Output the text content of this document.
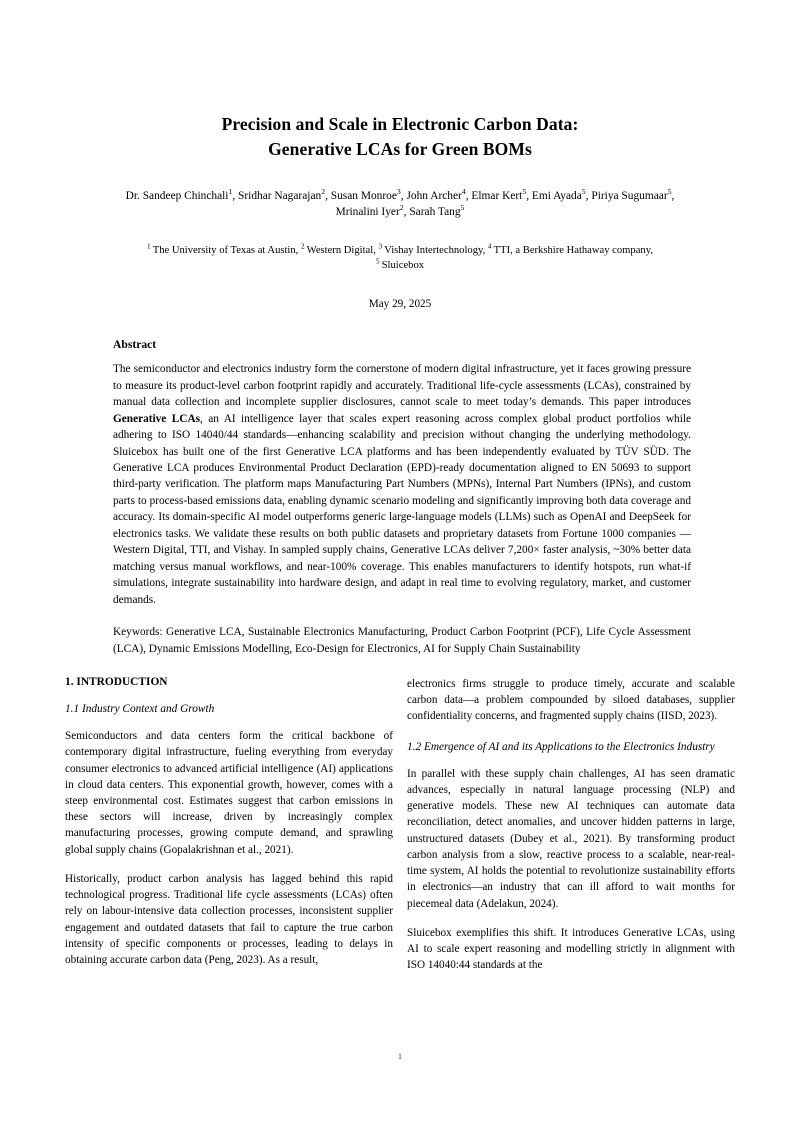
Precision and Scale in Electronic Carbon Data:
Generative LCAs for Green BOMs
Dr. Sandeep Chinchali$^1$, Sridhar Nagarajan$^2$, Susan Monroe$^3$, John Archer$^4$, Elmar Kert$^5$, Emi Ayada$^5$, Piriya Sugumaar$^5$,
Mrinalini Iyer$^2$, Sarah Tang$^5$
$^1$ The University of Texas at Austin, $^2$ Western Digital, $^3$ Vishay Intertechnology, $^4$ TTI, a Berkshire Hathaway company,
$^5$ Sluicebox
May 29, 2025
Abstract

The semiconductor and electronics industry form the cornerstone of modern digital infrastructure, yet it faces growing pressure to measure its product-level carbon footprint rapidly and accurately. Traditional life-cycle assessments (LCAs), constrained by manual data collection and incomplete supplier disclosures, cannot scale to meet today’s demands. This paper introduces Generative LCAs, an AI intelligence layer that scales expert reasoning across complex global product portfolios while adhering to ISO 14040/44 standards—enhancing scalability and precision without changing the underlying methodology. Sluicebox has built one of the first Generative LCA platforms and has been independently evaluated by TÜV SÜD. The Generative LCA produces Environmental Product Declaration (EPD)-ready documentation aligned to EN 50693 to support third-party verification. The platform maps Manufacturing Part Numbers (MPNs), Internal Part Numbers (IPNs), and custom parts to process-based emissions data, enabling dynamic scenario modeling and significantly improving both data coverage and accuracy. Its domain-specific AI model outperforms generic large-language models (LLMs) such as OpenAI and DeepSeek for electronics tasks. We validate these results on both public datasets and proprietary datasets from Fortune 1000 companies — Western Digital, TTI, and Vishay. In sampled supply chains, Generative LCAs deliver 7,200× faster analysis, ~30% better data matching versus manual workflows, and near-100% coverage. This enables manufacturers to identify hotspots, run what-if simulations, integrate sustainability into hardware design, and adapt in real time to evolving regulatory, market, and customer demands.

Keywords: Generative LCA, Sustainable Electronics Manufacturing, Product Carbon Footprint (PCF), Life Cycle Assessment (LCA), Dynamic Emissions Modelling, Eco-Design for Electronics, AI for Supply Chain Sustainability

1. INTRODUCTION
1.1 Industry Context and Growth

Semiconductors and data centers form the critical backbone of contemporary digital infrastructure, fueling everything from everyday consumer electronics to advanced artificial intelligence (AI) applications in cloud data centers. This exponential growth, however, comes with a steep environmental cost. Estimates suggest that carbon emissions in these sectors will increase, driven by increasingly complex manufacturing processes, growing compute demand, and sprawling global supply chains (Gopalakrishnan et al., 2021).

Historically, product carbon analysis has lagged behind this rapid technological progress. Traditional life cycle assessments (LCAs) often rely on labour-intensive data collection processes, inconsistent supplier engagement and outdated datasets that fail to capture the true carbon intensity of specific components or processes, leading to delays in obtaining accurate carbon data (Peng, 2023). As a result,

electronics firms struggle to produce timely, accurate and scalable carbon data—a problem compounded by siloed databases, supplier confidentiality concerns, and fragmented supply chains (IISD, 2023).

1.2 Emergence of AI and its Applications to the Electronics Industry

In parallel with these supply chain challenges, AI has seen dramatic advances, especially in natural language processing (NLP) and generative models. These new AI techniques can automate data reconciliation, detect anomalies, and uncover hidden patterns in large, unstructured datasets (Dubey et al., 2021). By transforming product carbon analysis from a slow, reactive process to a scalable, near-real-time system, AI holds the potential to revolutionize sustainability efforts in electronics—an industry that can ill afford to wait months for piecemeal data (Adelakun, 2024).

Sluicebox exemplifies this shift. It introduces Generative LCAs, using AI to scale expert reasoning and modelling strictly in alignment with ISO 14040:44 standards at the

1
